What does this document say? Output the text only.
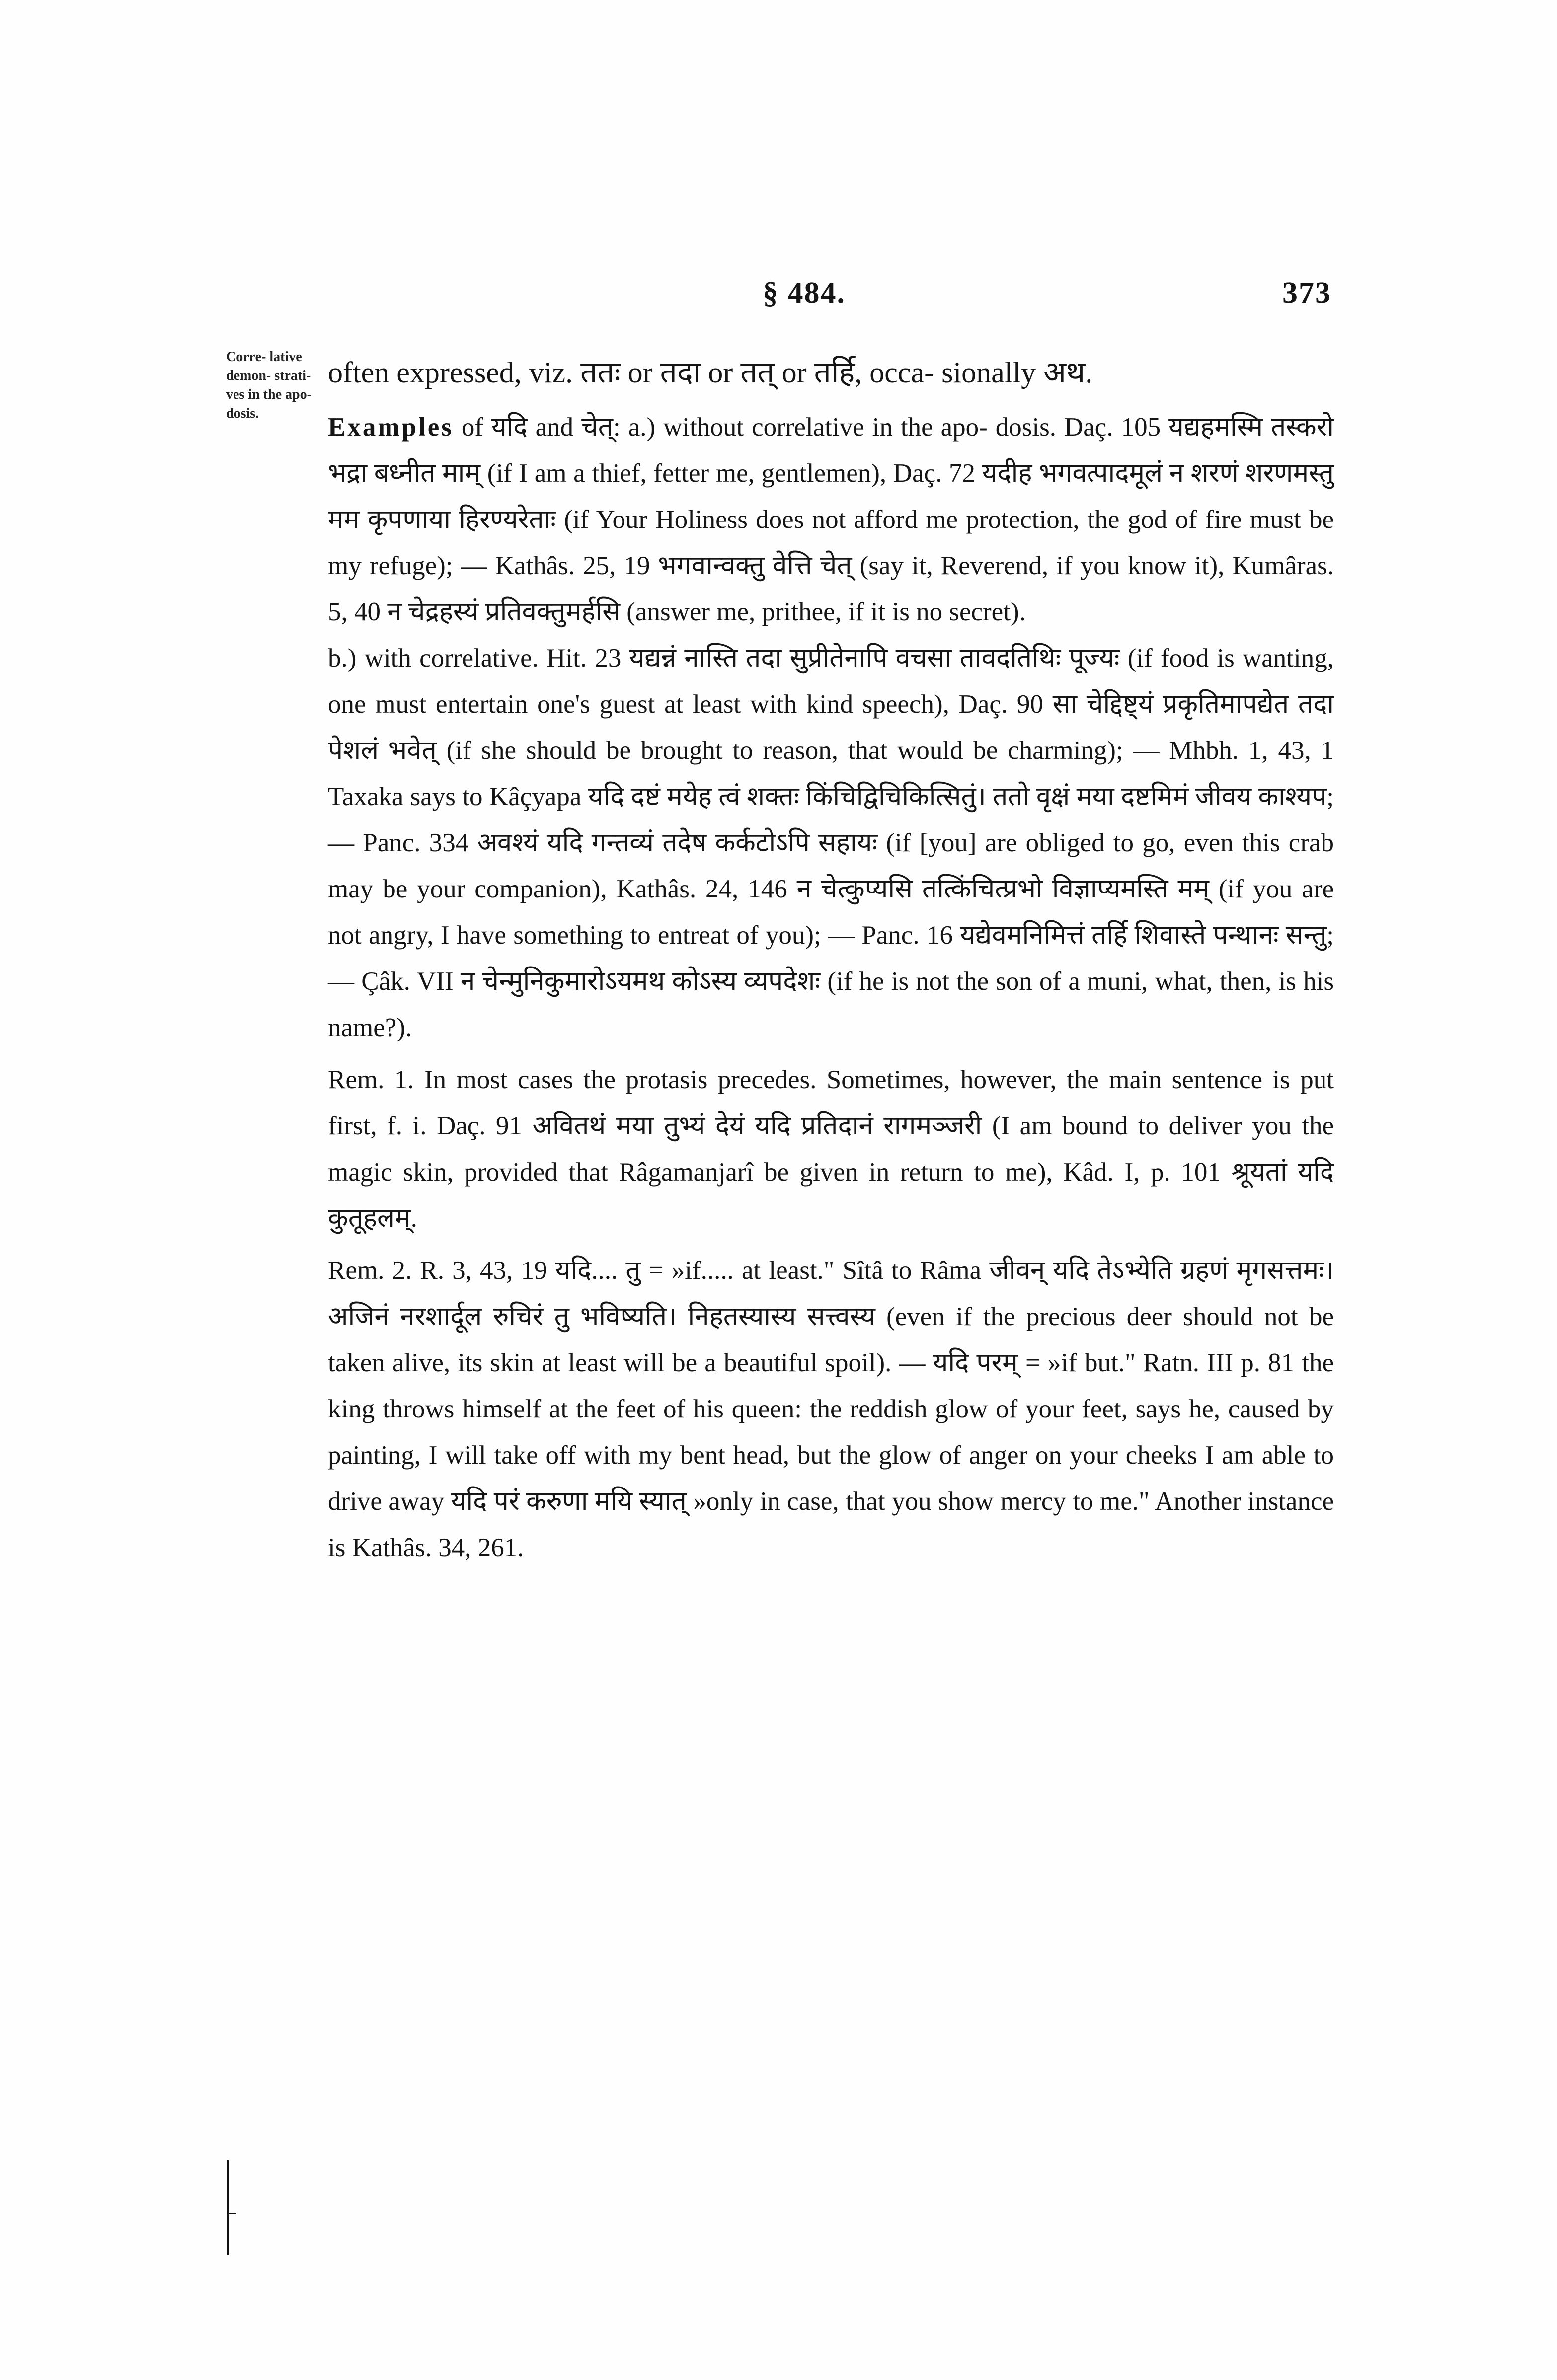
§ 484.	373
Corre- lative demon- strati- ves in the apo- dosis.

often expressed, viz. ततः or तदा or तत् or तर्हि, occa- sionally अथ.

Examples of यदि and चेत्: a.) without correlative in the apo- dosis. Daç. 105 यद्यहमस्मि तस्करो भद्रा बध्नीत माम् (if I am a thief, fetter me, gentlemen), Daç. 72 यदीह भगवत्पादमूलं न शरणं शरणमस्तु मम कृपणाया हिरण्यरेताः (if Your Holiness does not afford me protection, the god of fire must be my refuge); — Kathâs. 25, 19 भगवान्वक्तु वेत्ति चेत् (say it, Reverend, if you know it), Kumâras. 5, 40 न चेद्रहस्यं प्रतिवक्तुमर्हसि (answer me, prithee, if it is no secret).

b.) with correlative. Hit. 23 यद्यन्नं नास्ति तदा सुप्रीतेनापि वचसा तावदतिथिः पूज्यः (if food is wanting, one must entertain one's guest at least with kind speech), Daç. 90 सा चेद्दिष्ट्यं प्रकृतिमापद्येत तदा पेशलं भवेत् (if she should be brought to reason, that would be charming); — Mhbh. 1, 43, 1 Taxaka says to Kâçyapa यदि दष्टं मयेह त्वं शक्तः किंचिद्विचिकित्सितुं। ततो वृक्षं मया दष्टमिमं जीवय काश्यप; — Panc. 334 अवश्यं यदि गन्तव्यं तदेष कर्कटोऽपि सहायः (if [you] are obliged to go, even this crab may be your companion), Kathâs. 24, 146 न चेत्कुप्यसि तत्किंचित्प्रभो विज्ञाप्यमस्ति मम् (if you are not angry, I have something to entreat of you); — Panc. 16 यद्येवमनिमित्तं तर्हि शिवास्ते पन्थानः सन्तु; — Çâk. VII न चेन्मुनिकुमारोऽयमथ कोऽस्य व्यपदेशः (if he is not the son of a muni, what, then, is his name?).

Rem. 1. In most cases the protasis precedes. Sometimes, however, the main sentence is put first, f. i. Daç. 91 अवितथं मया तुभ्यं देयं यदि प्रतिदानं रागमञ्जरी (I am bound to deliver you the magic skin, provided that Râgamanjarî be given in return to me), Kâd. I, p. 101 श्रूयतां यदि कुतूहलम्.

Rem. 2. R. 3, 43, 19 यदि.... तु = »if..... at least." Sîtâ to Râma जीवन् यदि तेऽभ्येति ग्रहणं मृगसत्तमः। अजिनं नरशार्दूल रुचिरं तु भविष्यति। निहतस्यास्य सत्त्वस्य (even if the precious deer should not be taken alive, its skin at least will be a beautiful spoil). — यदि परम् = »if but." Ratn. III p. 81 the king throws himself at the feet of his queen: the reddish glow of your feet, says he, caused by painting, I will take off with my bent head, but the glow of anger on your cheeks I am able to drive away यदि परं करुणा मयि स्यात् »only in case, that you show mercy to me." Another instance is Kathâs. 34, 261.
